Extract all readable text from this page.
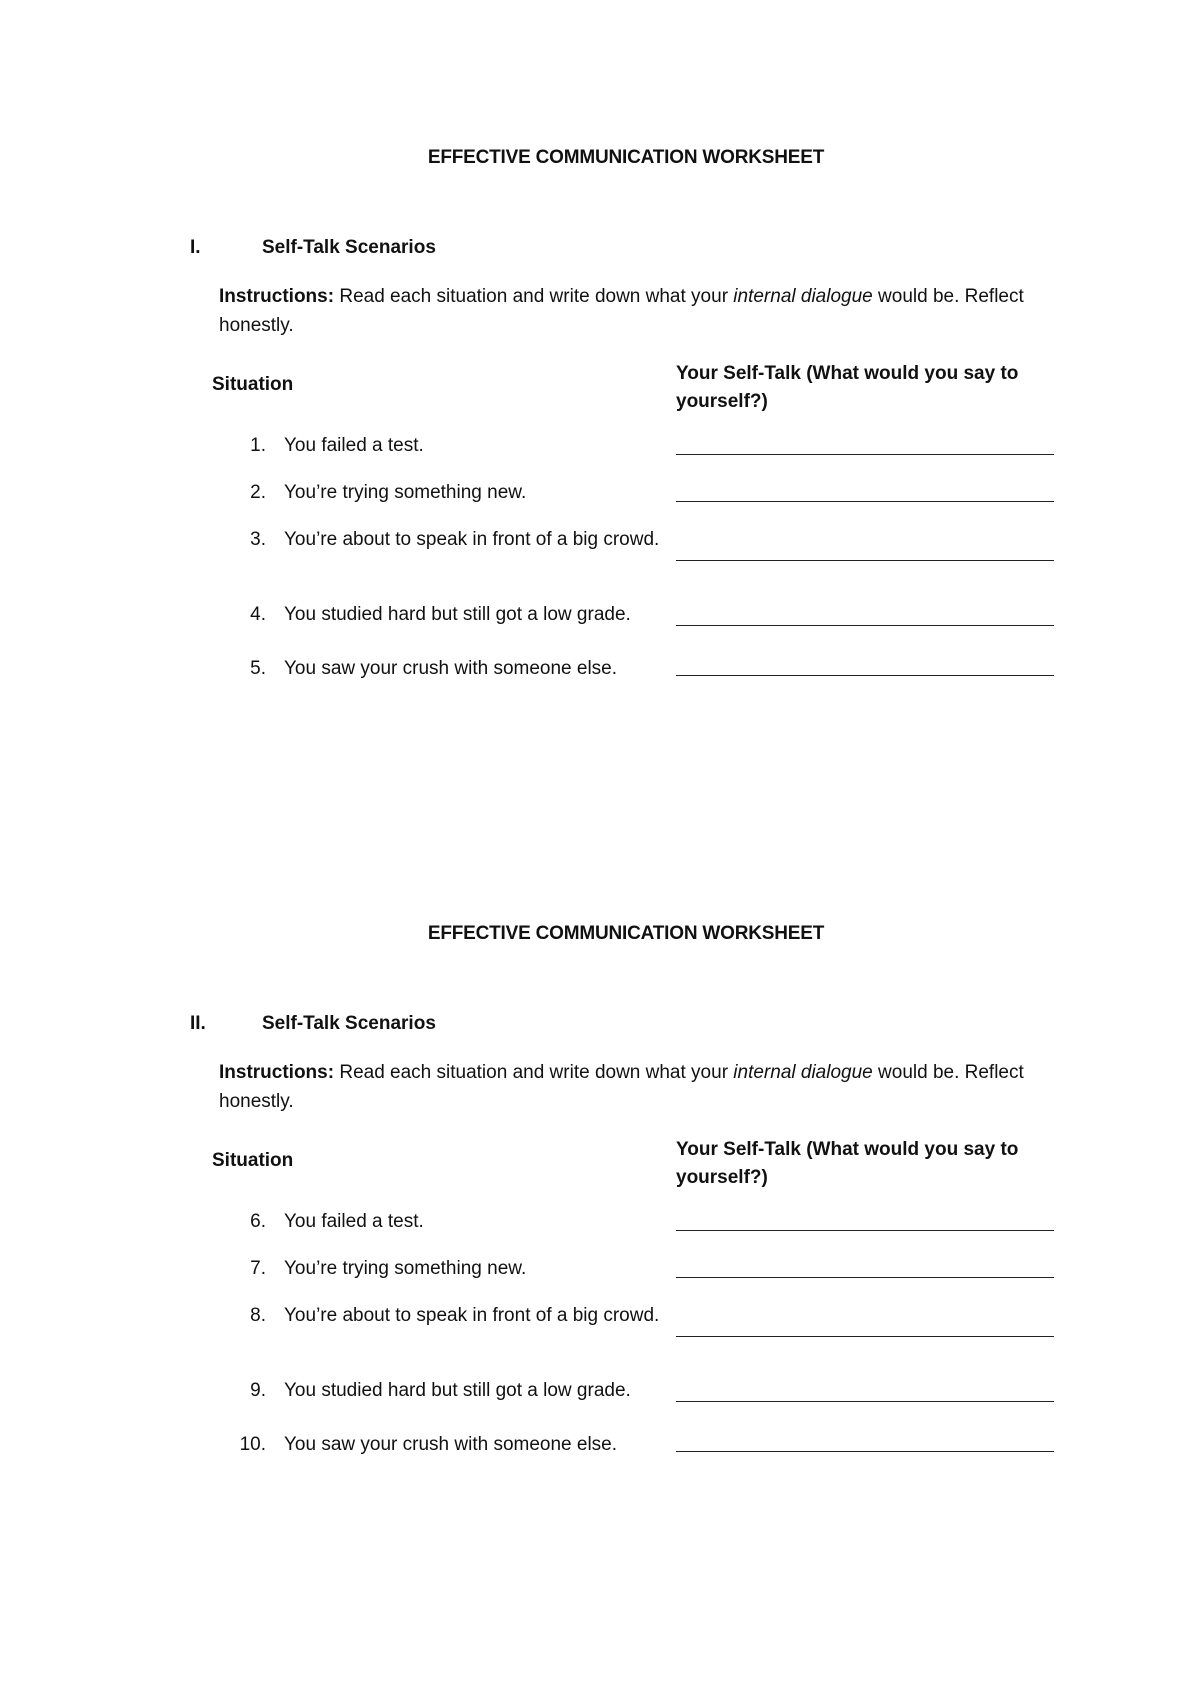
EFFECTIVE COMMUNICATION WORKSHEET
I.	Self-Talk Scenarios
Instructions: Read each situation and write down what your internal dialogue would be. Reflect honestly.
Situation
Your Self-Talk (What would you say to yourself?)
1. You failed a test.
2. You’re trying something new.
3. You’re about to speak in front of a big crowd.
4. You studied hard but still got a low grade.
5. You saw your crush with someone else.
EFFECTIVE COMMUNICATION WORKSHEET
II.	Self-Talk Scenarios
Instructions: Read each situation and write down what your internal dialogue would be. Reflect honestly.
Situation
Your Self-Talk (What would you say to yourself?)
6. You failed a test.
7. You’re trying something new.
8. You’re about to speak in front of a big crowd.
9. You studied hard but still got a low grade.
10. You saw your crush with someone else.
